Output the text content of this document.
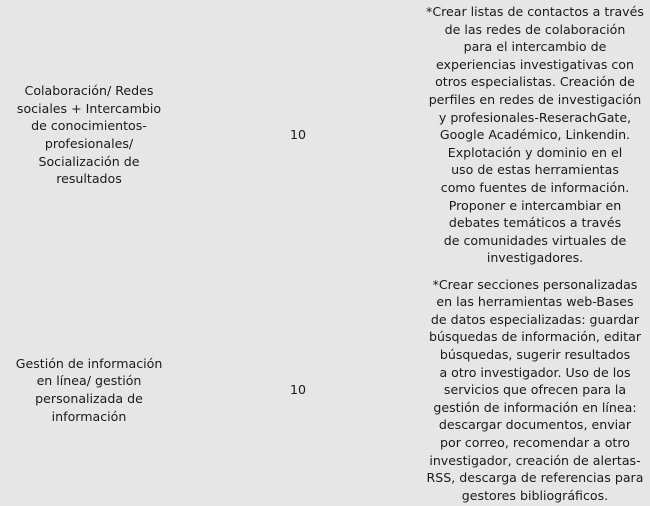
Colaboración/ Redes
sociales + Intercambio
de conocimientos-
profesionales/
Socialización de
resultados
10
*Crear listas de contactos a través
de las redes de colaboración
para el intercambio de
experiencias investigativas con
otros especialistas. Creación de
perfiles en redes de investigación
y profesionales-ReserachGate,
Google Académico, Linkendin.
Explotación y dominio en el
uso de estas herramientas
como fuentes de información.
Proponer e intercambiar en
debates temáticos a través
de comunidades virtuales de
investigadores.
Gestión de información
en línea/ gestión
personalizada de
información
10
*Crear secciones personalizadas
en las herramientas web-Bases
de datos especializadas: guardar
búsquedas de información, editar
búsquedas, sugerir resultados
a otro investigador. Uso de los
servicios que ofrecen para la
gestión de información en línea:
descargar documentos, enviar
por correo, recomendar a otro
investigador, creación de alertas-
RSS, descarga de referencias para
gestores bibliográficos.
